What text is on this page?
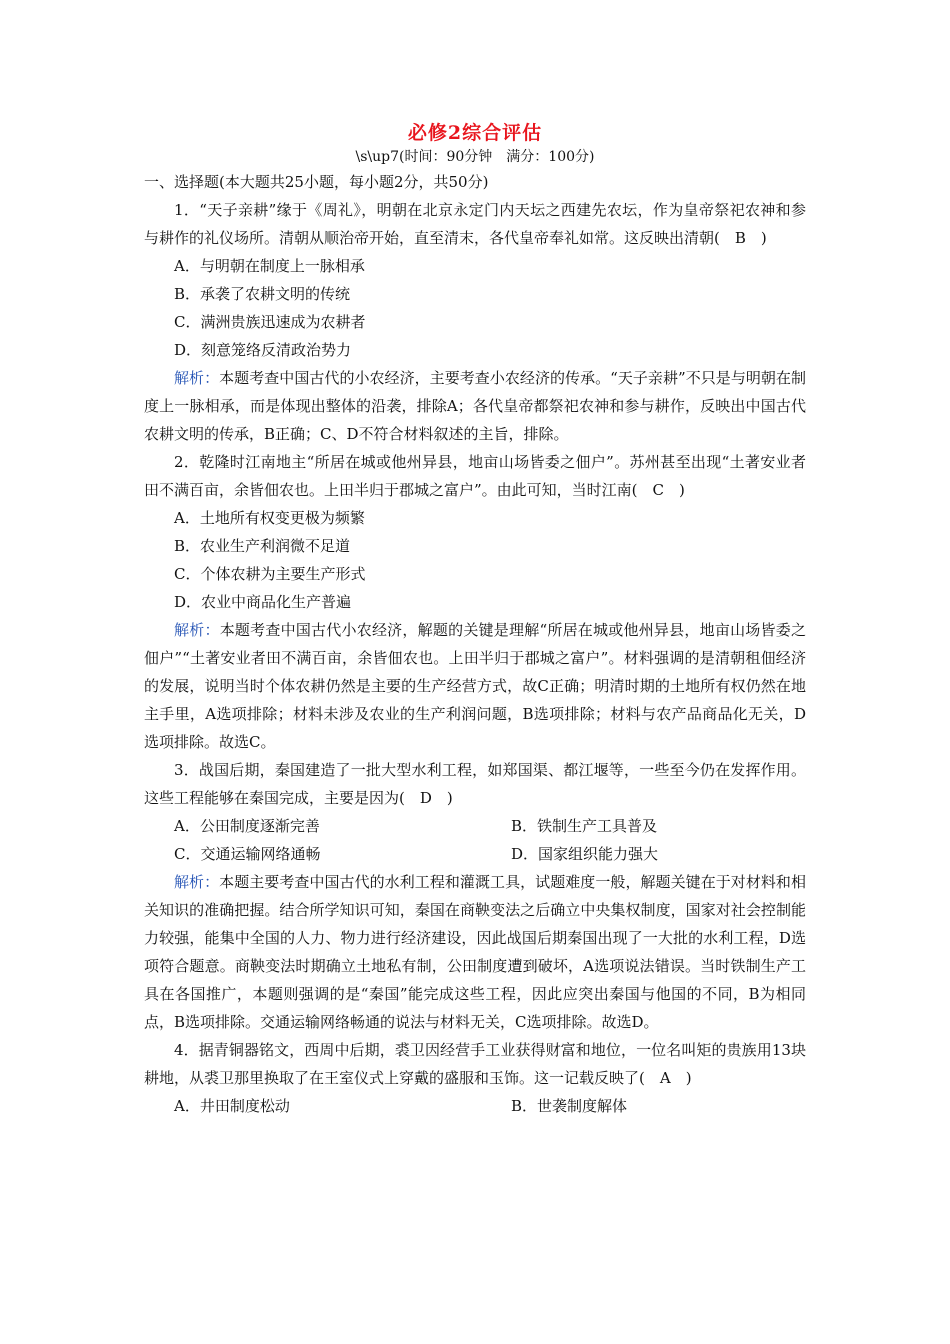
必修2综合评估
\s\up7(时间：90分钟　满分：100分)

一、选择题(本大题共25小题，每小题2分，共50分)

1．“天子亲耕”缘于《周礼》，明朝在北京永定门内天坛之西建先农坛，作为皇帝祭祀农神和参与耕作的礼仪场所。清朝从顺治帝开始，直至清末，各代皇帝奉礼如常。这反映出清朝(　B　)

A．与明朝在制度上一脉相承

B．承袭了农耕文明的传统

C．满洲贵族迅速成为农耕者

D．刻意笼络反清政治势力

解析：本题考查中国古代的小农经济，主要考查小农经济的传承。“天子亲耕”不只是与明朝在制度上一脉相承，而是体现出整体的沿袭，排除A；各代皇帝都祭祀农神和参与耕作，反映出中国古代农耕文明的传承，B正确；C、D不符合材料叙述的主旨，排除。

2．乾隆时江南地主“所居在城或他州异县，地亩山场皆委之佃户”。苏州甚至出现“土著安业者田不满百亩，余皆佃农也。上田半归于郡城之富户”。由此可知，当时江南(　C　)

A．土地所有权变更极为频繁

B．农业生产利润微不足道

C．个体农耕为主要生产形式

D．农业中商品化生产普遍

解析：本题考查中国古代小农经济，解题的关键是理解“所居在城或他州异县，地亩山场皆委之佃户”“土著安业者田不满百亩，余皆佃农也。上田半归于郡城之富户”。材料强调的是清朝租佃经济的发展，说明当时个体农耕仍然是主要的生产经营方式，故C正确；明清时期的土地所有权仍然在地主手里，A选项排除；材料未涉及农业的生产利润问题，B选项排除；材料与农产品商品化无关，D选项排除。故选C。

3．战国后期，秦国建造了一批大型水利工程，如郑国渠、都江堰等，一些至今仍在发挥作用。这些工程能够在秦国完成，主要是因为(　D　)

A．公田制度逐渐完善	B．铁制生产工具普及
C．交通运输网络通畅	D．国家组织能力强大

解析：本题主要考查中国古代的水利工程和灌溉工具，试题难度一般，解题关键在于对材料和相关知识的准确把握。结合所学知识可知，秦国在商鞅变法之后确立中央集权制度，国家对社会控制能力较强，能集中全国的人力、物力进行经济建设，因此战国后期秦国出现了一大批的水利工程，D选项符合题意。商鞅变法时期确立土地私有制，公田制度遭到破坏，A选项说法错误。当时铁制生产工具在各国推广，本题则强调的是“秦国”能完成这些工程，因此应突出秦国与他国的不同，B为相同点，B选项排除。交通运输网络畅通的说法与材料无关，C选项排除。故选D。

4．据青铜器铭文，西周中后期，裘卫因经营手工业获得财富和地位，一位名叫矩的贵族用13块耕地，从裘卫那里换取了在王室仪式上穿戴的盛服和玉饰。这一记载反映了(　A　)

A．井田制度松动	B．世袭制度解体
